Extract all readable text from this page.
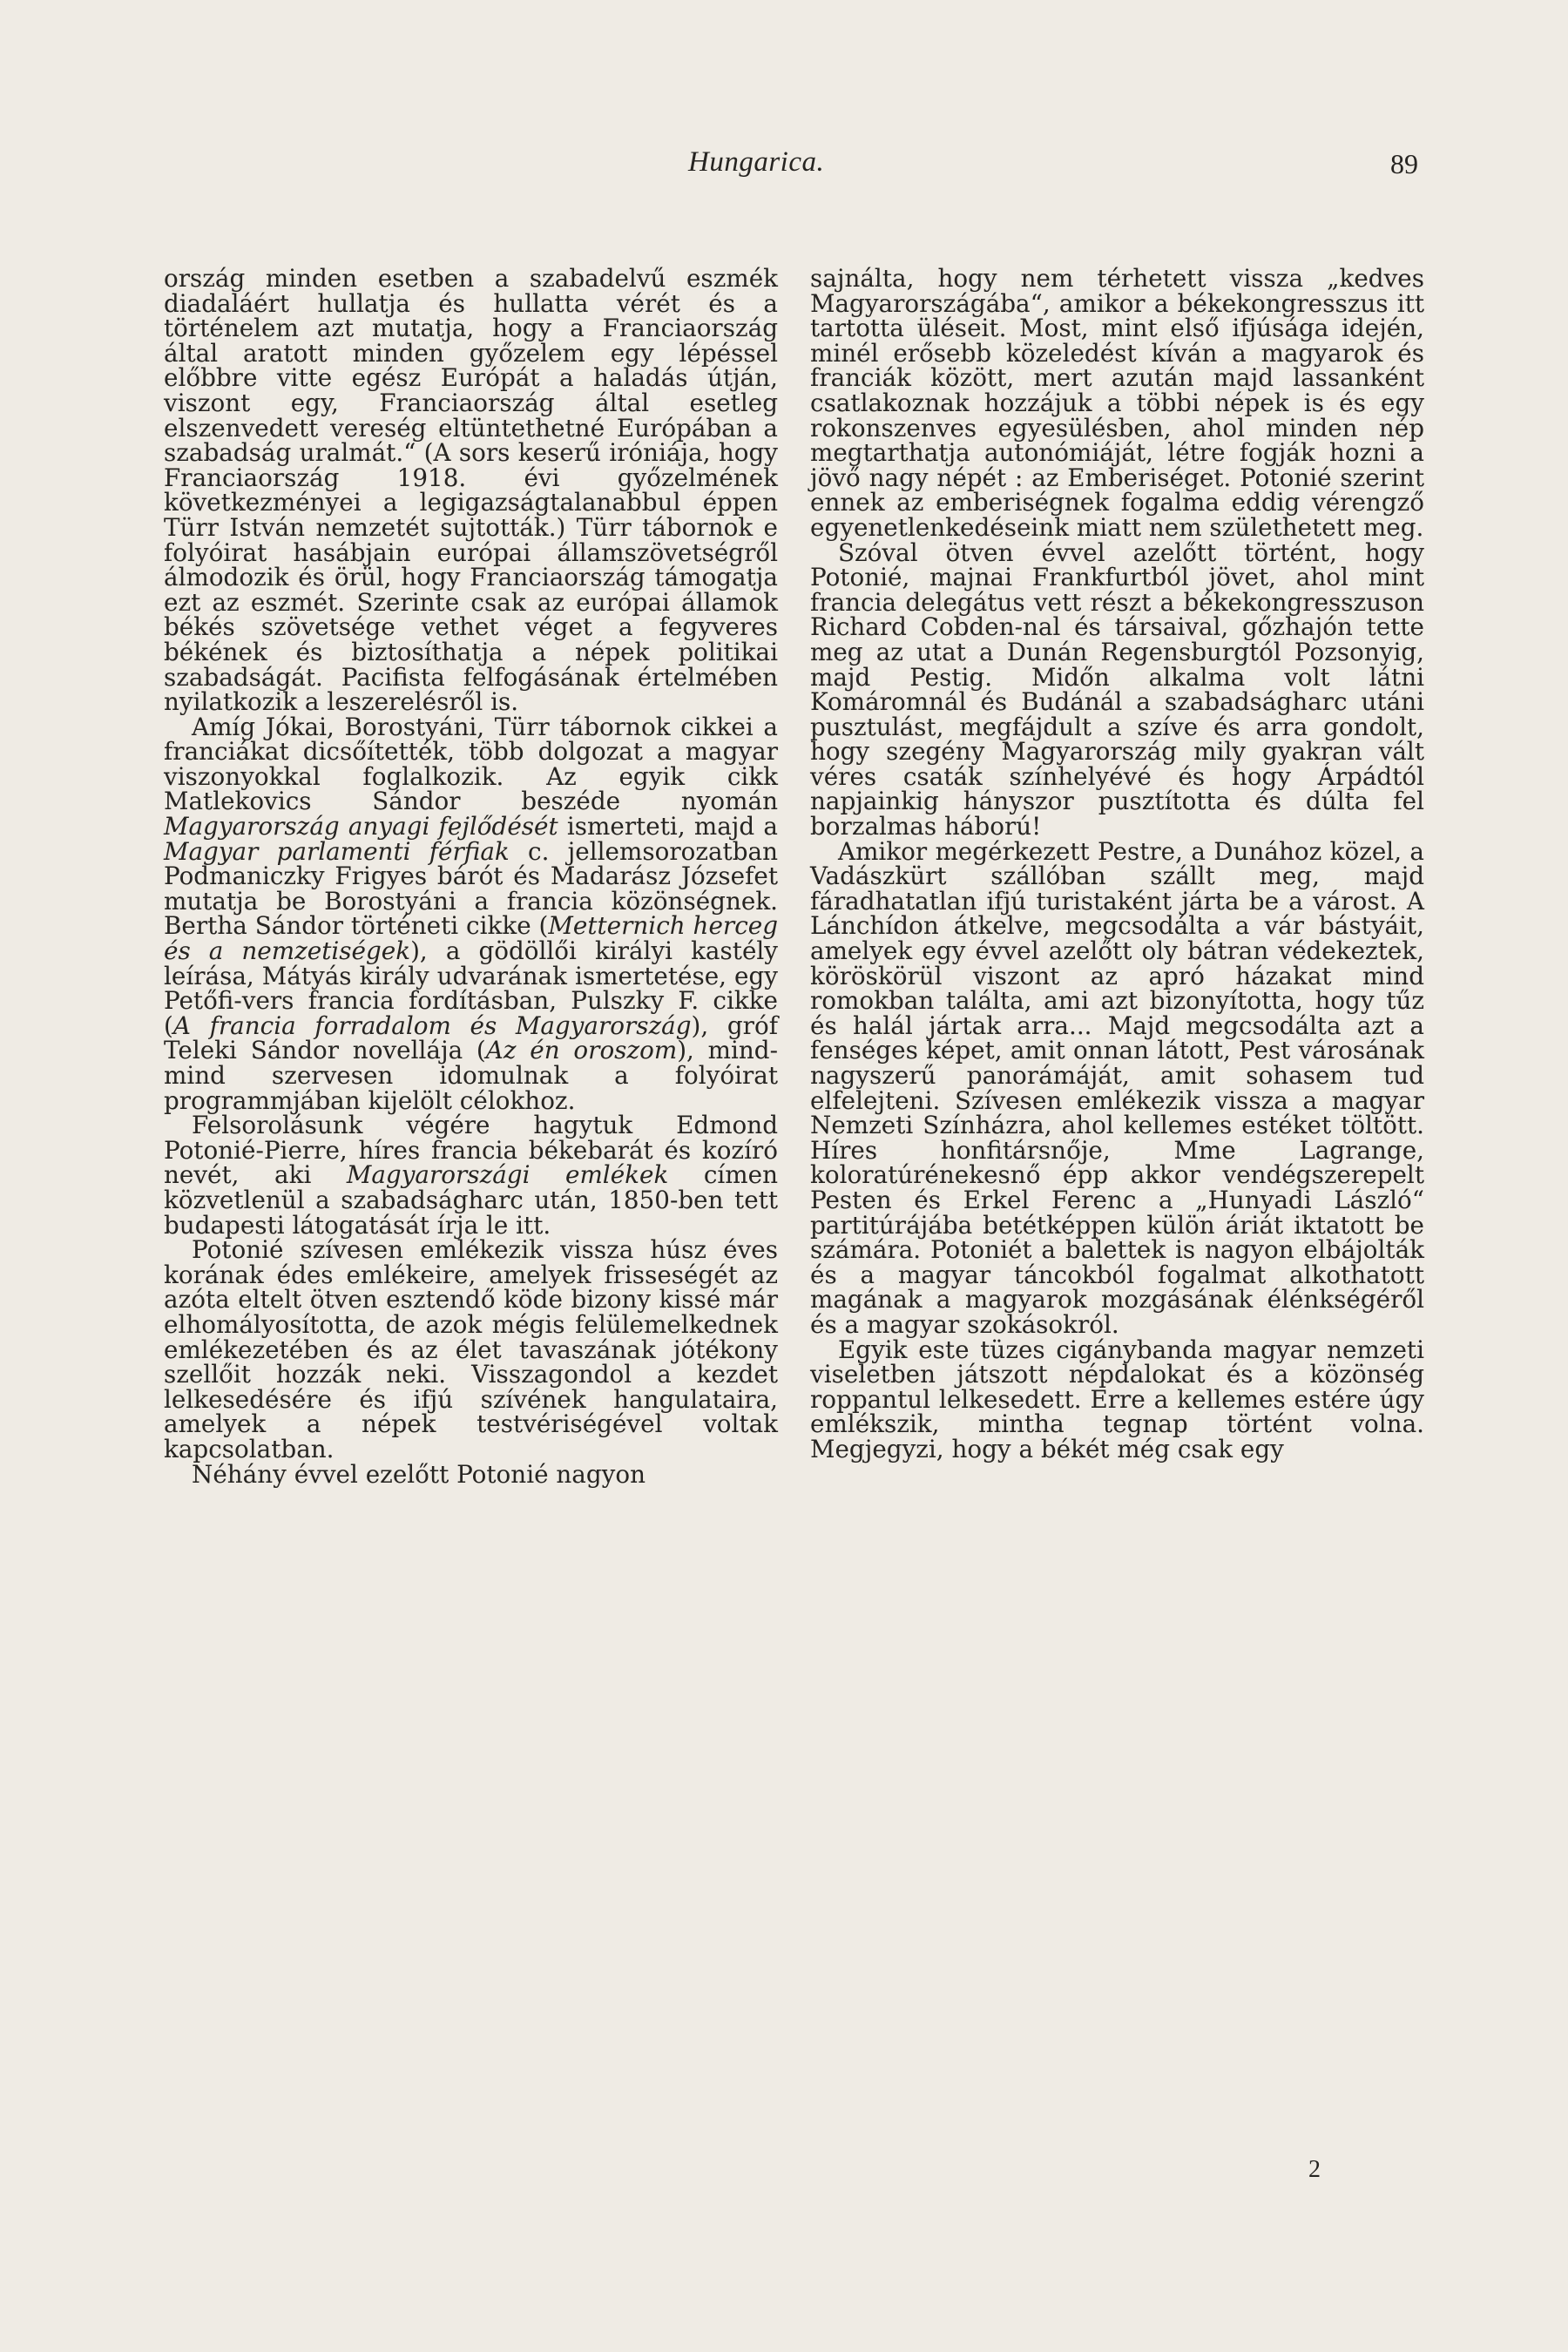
Hungarica.	89

ország minden esetben a szabadelvű eszmék diadaláért hullatja és hullatta vérét és a történelem azt mutatja, hogy a Franciaország által aratott minden győzelem egy lépéssel előbbre vitte egész Európát a haladás útján, viszont egy, Franciaország által esetleg elszenvedett vereség eltüntethetné Európában a szabadság uralmát.“ (A sors keserű iróniája, hogy Franciaország 1918. évi győzelmének következményei a legigazságtalanabbul éppen Türr István nemzetét sujtották.) Türr tábornok e folyóirat hasábjain európai államszövetségről álmodozik és örül, hogy Franciaország támogatja ezt az eszmét. Szerinte csak az európai államok békés szövetsége vethet véget a fegyveres békének és biztosíthatja a népek politikai szabadságát. Pacifista felfogásának értelmében nyilatkozik a leszerelésről is.

Amíg Jókai, Borostyáni, Türr tábornok cikkei a franciákat dicsőítették, több dolgozat a magyar viszonyokkal foglalkozik. Az egyik cikk Matlekovics Sándor beszéde nyomán Magyarország anyagi fejlődését ismerteti, majd a Magyar parlamenti férfiak c. jellemsorozatban Podmaniczky Frigyes bárót és Madarász Józsefet mutatja be Borostyáni a francia közönségnek. Bertha Sándor történeti cikke (Metternich herceg és a nemzetiségek), a gödöllői királyi kastély leírása, Mátyás király udvarának ismertetése, egy Petőfi-vers francia fordításban, Pulszky F. cikke (A francia forradalom és Magyarország), gróf Teleki Sándor novellája (Az én oroszom), mind-mind szervesen idomulnak a folyóirat programmjában kijelölt célokhoz.

Felsorolásunk végére hagytuk Edmond Potonié-Pierre, híres francia békebarát és kozíró nevét, aki Magyarországi emlékek címen közvetlenül a szabadságharc után, 1850-ben tett budapesti látogatását írja le itt.

Potonié szívesen emlékezik vissza húsz éves korának édes emlékeire, amelyek frisseségét az azóta eltelt ötven esztendő köde bizony kissé már elhomályosította, de azok mégis felülemelkednek emlékezetében és az élet tavaszának jótékony szellőit hozzák neki. Visszagondol a kezdet lelkesedésére és ifjú szívének hangulataira, amelyek a népek testvériségével voltak kapcsolatban.

Néhány évvel ezelőtt Potonié nagyon

sajnálta, hogy nem térhetett vissza „kedves Magyarországába“, amikor a békekongresszus itt tartotta üléseit. Most, mint első ifjúsága idején, minél erősebb közeledést kíván a magyarok és franciák között, mert azután majd lassanként csatlakoznak hozzájuk a többi népek is és egy rokonszenves egyesülésben, ahol minden nép megtarthatja autonómiáját, létre fogják hozni a jövő nagy népét : az Emberiséget. Potonié szerint ennek az emberiségnek fogalma eddig vérengző egyenetlenkedéseink miatt nem születhetett meg.

Szóval ötven évvel azelőtt történt, hogy Potonié, majnai Frankfurtból jövet, ahol mint francia delegátus vett részt a békekongresszuson Richard Cobden-nal és társaival, gőzhajón tette meg az utat a Dunán Regensburgtól Pozsonyig, majd Pestig. Midőn alkalma volt látni Komáromnál és Budánál a szabadságharc utáni pusztulást, megfájdult a szíve és arra gondolt, hogy szegény Magyarország mily gyakran vált véres csaták színhelyévé és hogy Árpádtól napjainkig hányszor pusztította és dúlta fel borzalmas háború!

Amikor megérkezett Pestre, a Dunához közel, a Vadászkürt szállóban szállt meg, majd fáradhatatlan ifjú turistaként járta be a várost. A Lánchídon átkelve, megcsodálta a vár bástyáit, amelyek egy évvel azelőtt oly bátran védekeztek, köröskörül viszont az apró házakat mind romokban találta, ami azt bizonyította, hogy tűz és halál jártak arra... Majd megcsodálta azt a fenséges képet, amit onnan látott, Pest városának nagyszerű panorámáját, amit sohasem tud elfelejteni. Szívesen emlékezik vissza a magyar Nemzeti Színházra, ahol kellemes estéket töltött. Híres honfitársnője, Mme Lagrange, koloratúrénekesnő épp akkor vendégszerepelt Pesten és Erkel Ferenc a „Hunyadi László“ partitúrájába betétképpen külön áriát iktatott be számára. Potoniét a balettek is nagyon elbájolták és a magyar táncokból fogalmat alkothatott magának a magyarok mozgásának élénkségéről és a magyar szokásokról.

Egyik este tüzes cigánybanda magyar nemzeti viseletben játszott népdalokat és a közönség roppantul lelkesedett. Erre a kellemes estére úgy emlékszik, mintha tegnap történt volna. Megjegyzi, hogy a békét még csak egy

2
